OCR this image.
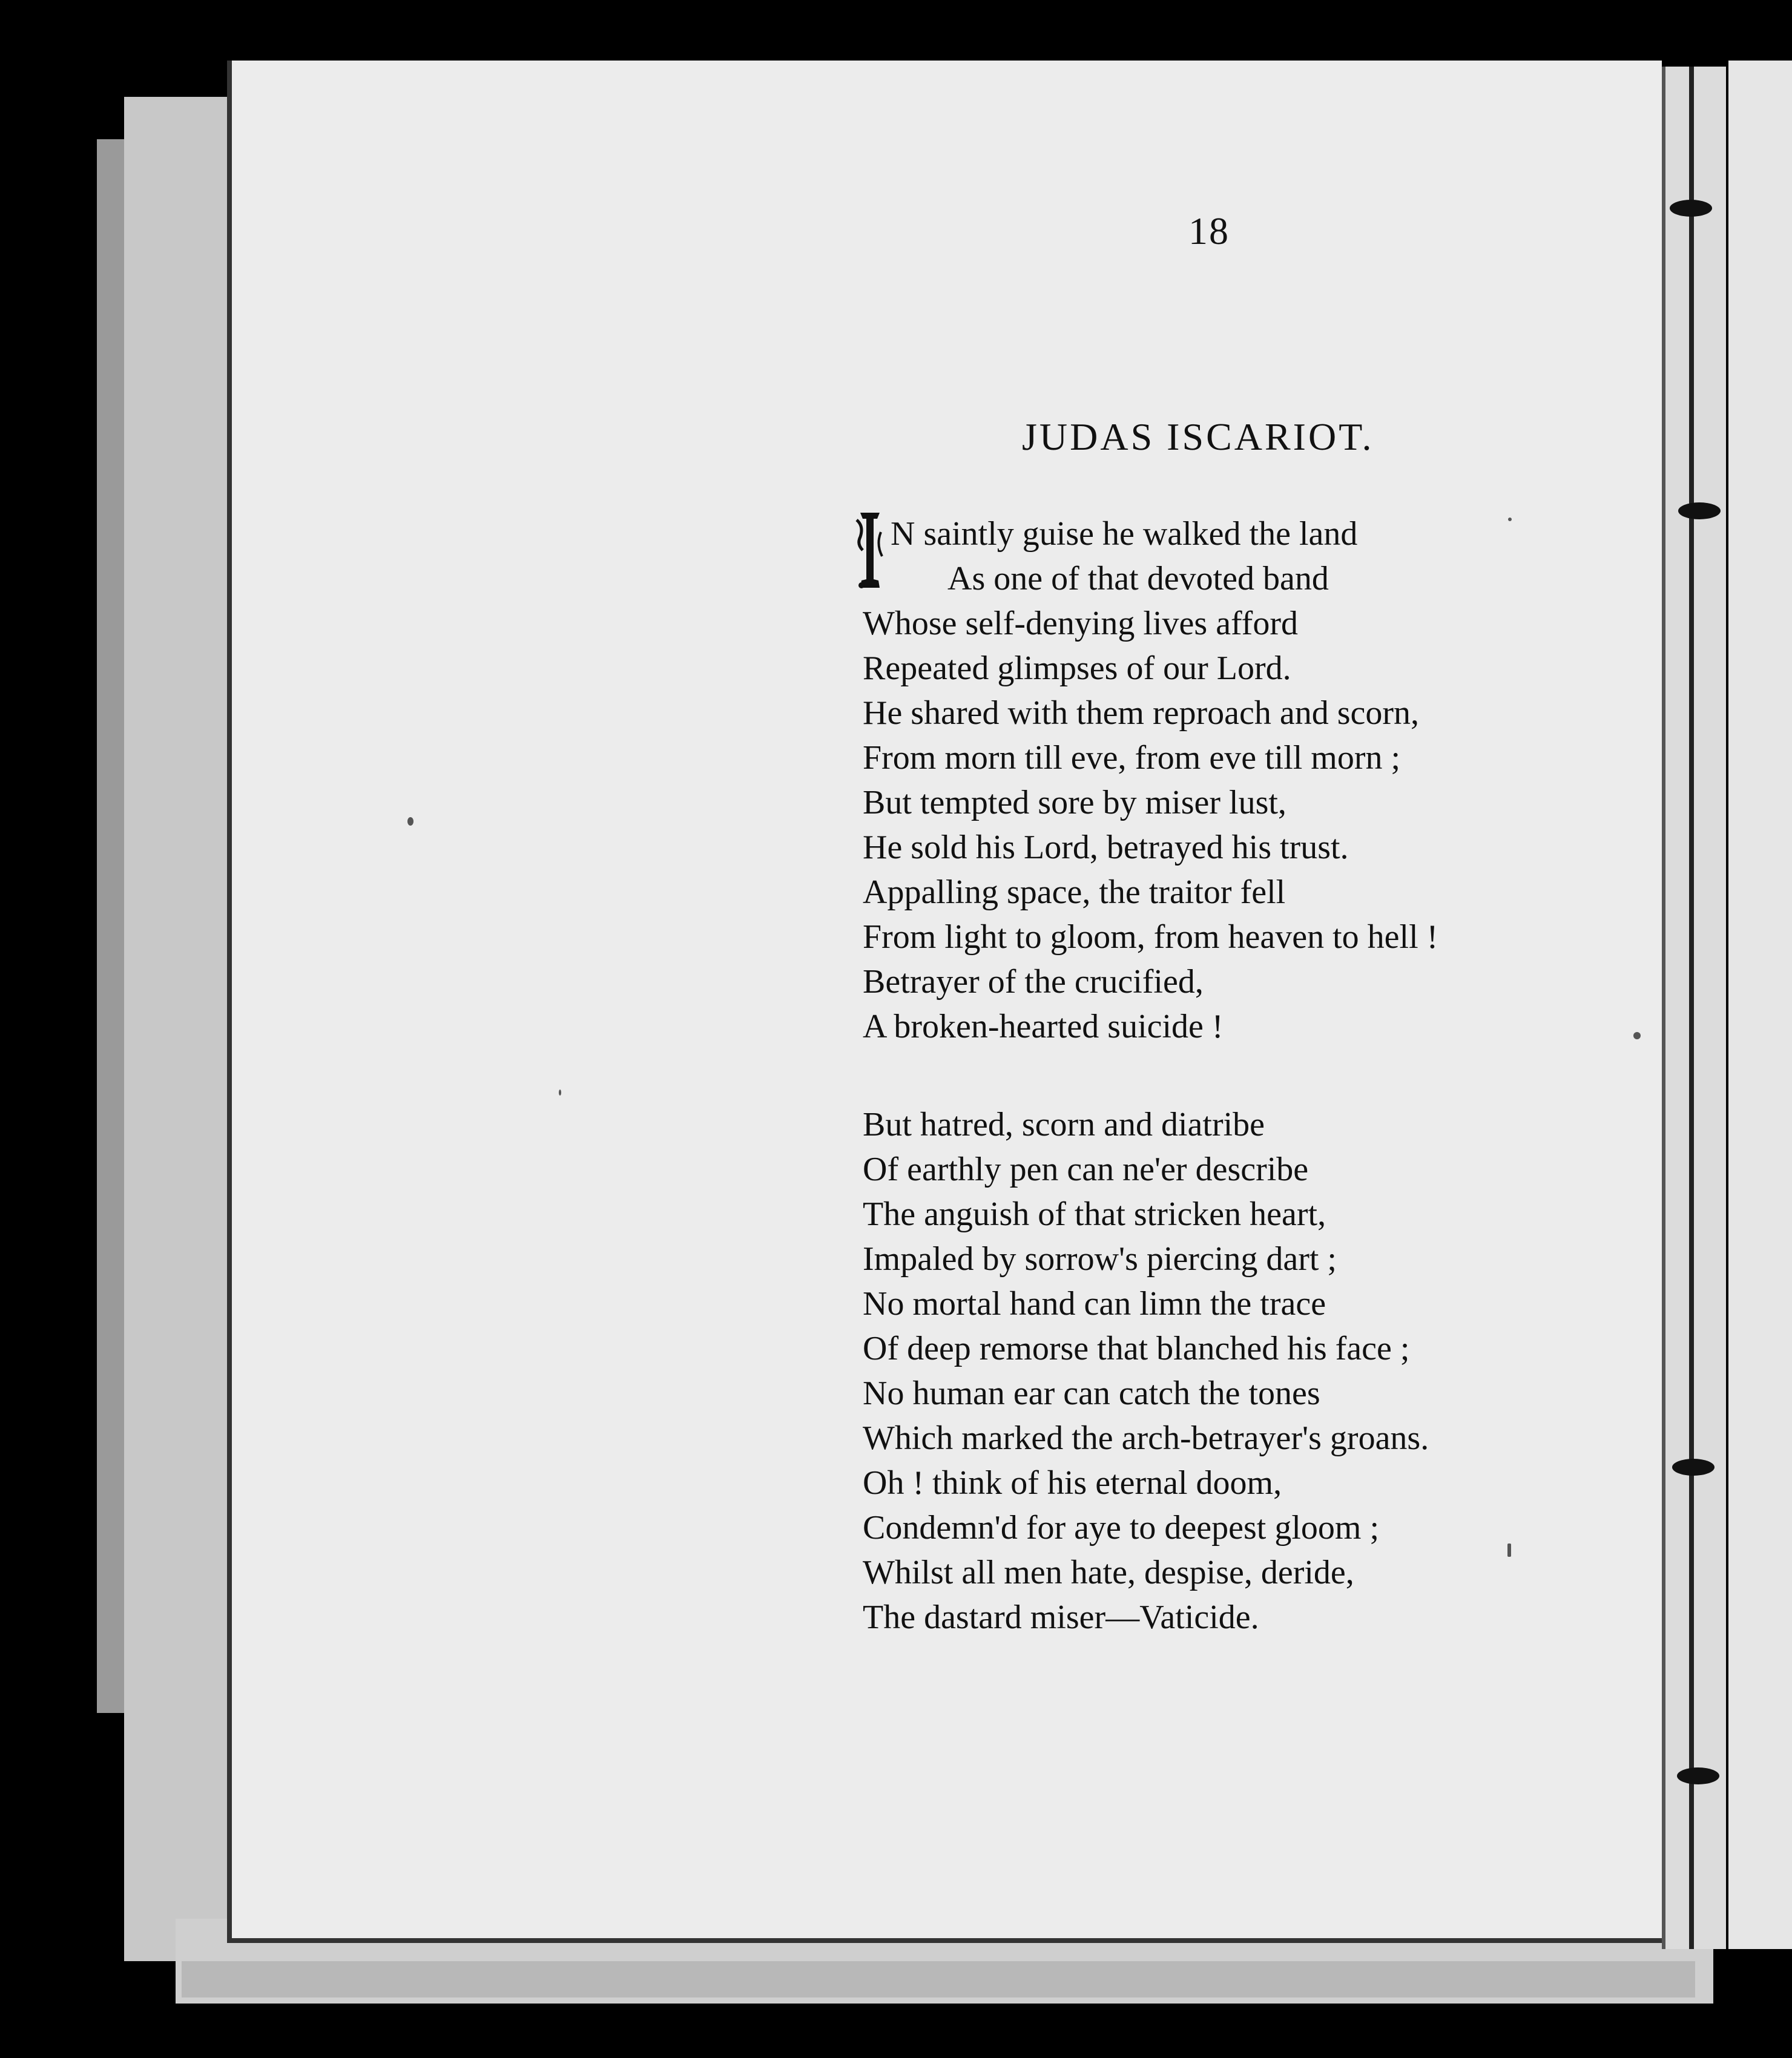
18
JUDAS ISCARIOT.
N saintly guise he walked the land
As one of that devoted band
Whose self-denying lives afford
Repeated glimpses of our Lord.
He shared with them reproach and scorn,
From morn till eve, from eve till morn ;
But tempted sore by miser lust,
He sold his Lord, betrayed his trust.
Appalling space, the traitor fell
From light to gloom, from heaven to hell !
Betrayer of the crucified,
A broken-hearted suicide !
But hatred, scorn and diatribe
Of earthly pen can ne'er describe
The anguish of that stricken heart,
Impaled by sorrow's piercing dart ;
No mortal hand can limn the trace
Of deep remorse that blanched his face ;
No human ear can catch the tones
Which marked the arch-betrayer's groans.
Oh ! think of his eternal doom,
Condemn'd for aye to deepest gloom ;
Whilst all men hate, despise, deride,
The dastard miser—Vaticide.
